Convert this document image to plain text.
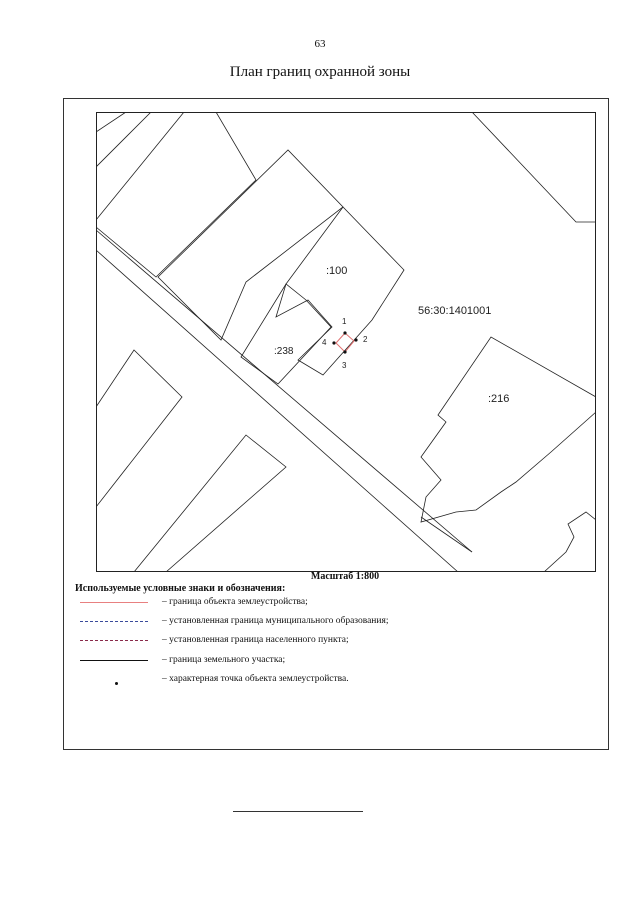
63
План границ охранной зоны
56:30:1401001
:100
:238
:216
1
2
3
4
Масштаб 1:800
Используемые условные знаки и обозначения:
– граница объекта землеустройства;
– установленная граница муниципального образования;
– установленная граница населенного пункта;
– граница земельного участка;
– характерная точка объекта землеустройства.
